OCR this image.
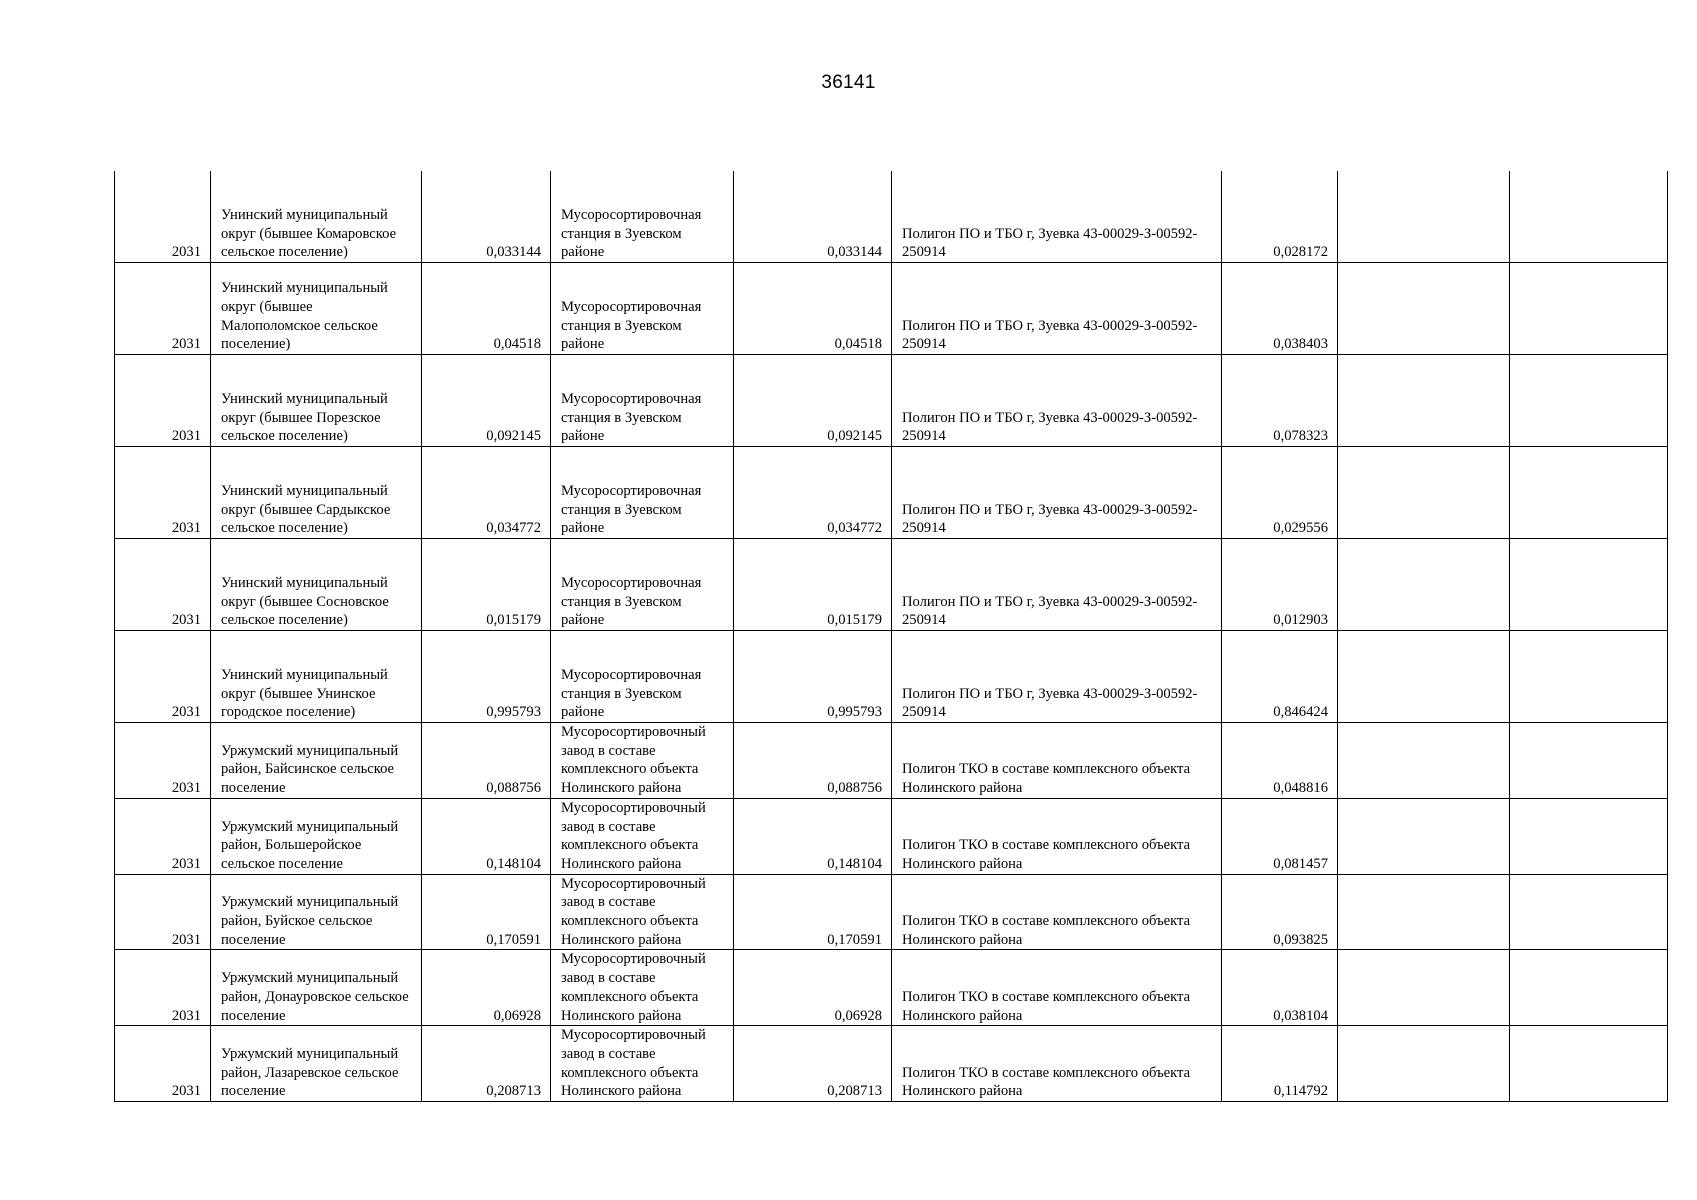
36141
2031	Унинский муниципальный округ (бывшее Комаровское сельское поселение)	0,033144	Мусоросортировочная станция в Зуевском районе	0,033144	Полигон ПО и ТБО г, Зуевка 43-00029-З-00592-250914	0,028172		
2031	Унинский муниципальный округ (бывшее Малополомское сельское поселение)	0,04518	Мусоросортировочная станция в Зуевском районе	0,04518	Полигон ПО и ТБО г, Зуевка 43-00029-З-00592-250914	0,038403		
2031	Унинский муниципальный округ (бывшее Порезское сельское поселение)	0,092145	Мусоросортировочная станция в Зуевском районе	0,092145	Полигон ПО и ТБО г, Зуевка 43-00029-З-00592-250914	0,078323		
2031	Унинский муниципальный округ (бывшее Сардыкское сельское поселение)	0,034772	Мусоросортировочная станция в Зуевском районе	0,034772	Полигон ПО и ТБО г, Зуевка 43-00029-З-00592-250914	0,029556		
2031	Унинский муниципальный округ (бывшее Сосновское сельское поселение)	0,015179	Мусоросортировочная станция в Зуевском районе	0,015179	Полигон ПО и ТБО г, Зуевка 43-00029-З-00592-250914	0,012903		
2031	Унинский муниципальный округ (бывшее Унинское городское поселение)	0,995793	Мусоросортировочная станция в Зуевском районе	0,995793	Полигон ПО и ТБО г, Зуевка 43-00029-З-00592-250914	0,846424		
2031	Уржумский муниципальный район, Байсинское сельское поселение	0,088756	Мусоросортировочный завод в составе комплексного объекта Нолинского района	0,088756	Полигон ТКО в составе комплексного объекта Нолинского района	0,048816		
2031	Уржумский муниципальный район, Большеройское сельское поселение	0,148104	Мусоросортировочный завод в составе комплексного объекта Нолинского района	0,148104	Полигон ТКО в составе комплексного объекта Нолинского района	0,081457		
2031	Уржумский муниципальный район, Буйское сельское поселение	0,170591	Мусоросортировочный завод в составе комплексного объекта Нолинского района	0,170591	Полигон ТКО в составе комплексного объекта Нолинского района	0,093825		
2031	Уржумский муниципальный район, Донауровское сельское поселение	0,06928	Мусоросортировочный завод в составе комплексного объекта Нолинского района	0,06928	Полигон ТКО в составе комплексного объекта Нолинского района	0,038104		
2031	Уржумский муниципальный район, Лазаревское сельское поселение	0,208713	Мусоросортировочный завод в составе комплексного объекта Нолинского района	0,208713	Полигон ТКО в составе комплексного объекта Нолинского района	0,114792		
